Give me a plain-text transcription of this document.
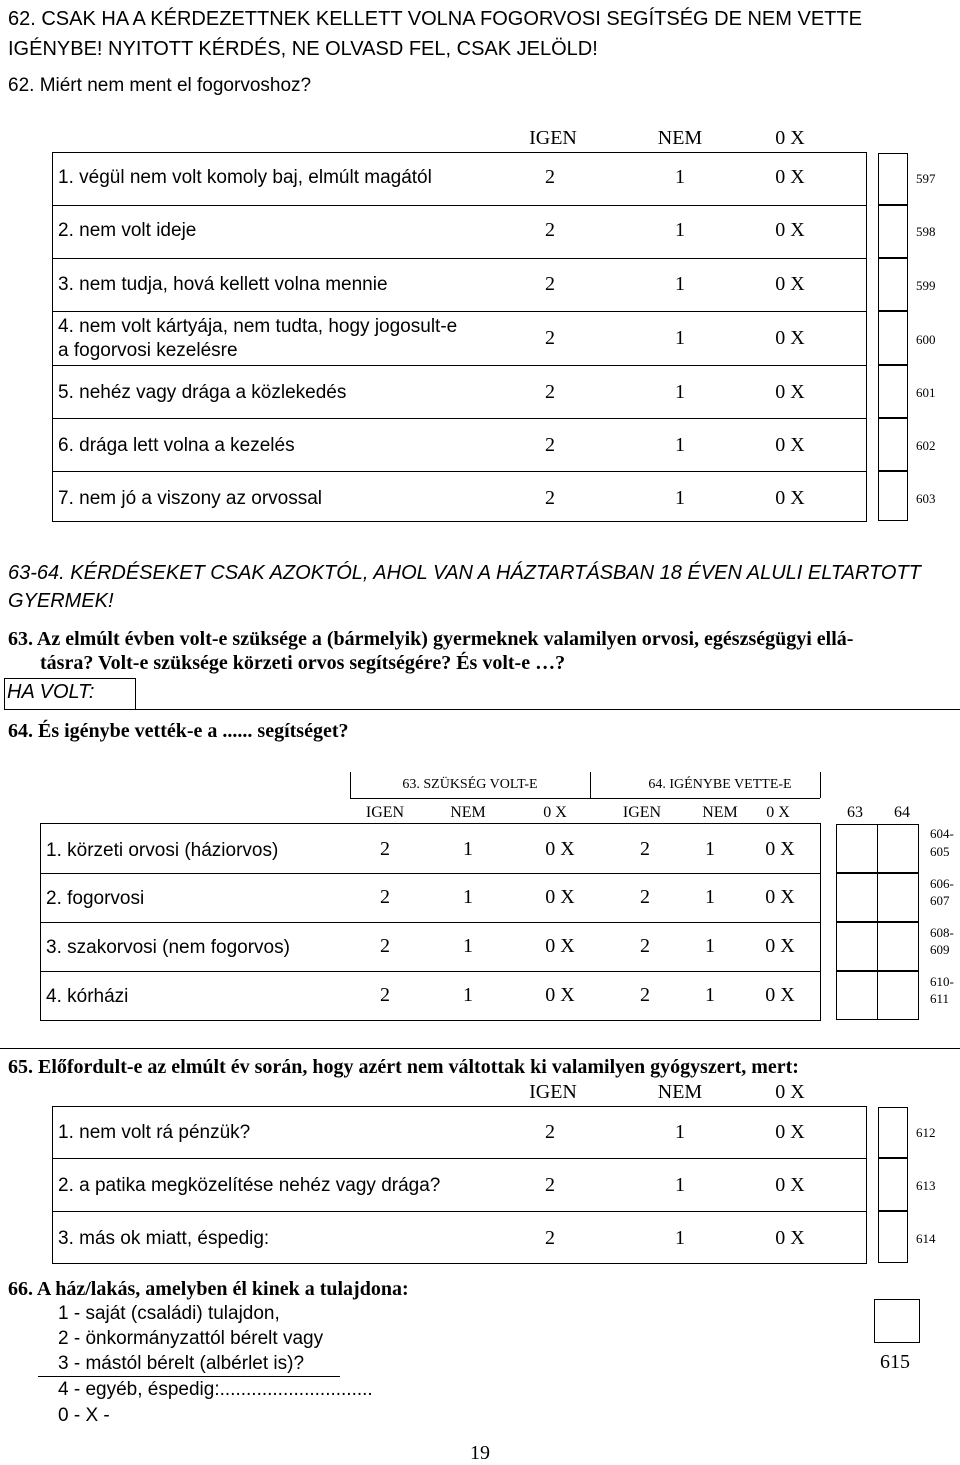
62. CSAK HA A KÉRDEZETTNEK KELLETT VOLNA FOGORVOSI SEGÍTSÉG DE NEM VETTE
IGÉNYBE! NYITOTT KÉRDÉS, NE OLVASD FEL, CSAK JELÖLD!
62. Miért nem ment el fogorvoshoz?
IGEN	NEM	0 X
1. végül nem volt komoly baj, elmúlt magától	2	1	0 X	597
2. nem volt ideje	2	1	0 X	598
3. nem tudja, hová kellett volna mennie	2	1	0 X	599
4. nem volt kártyája, nem tudta, hogy jogosult-e
a fogorvosi kezelésre
2	1	0 X	600
5. nehéz vagy drága a közlekedés	2	1	0 X	601
6. drága lett volna a kezelés	2	1	0 X	602
7. nem jó a viszony az orvossal	2	1	0 X	603
63-64. KÉRDÉSEKET CSAK AZOKTÓL, AHOL VAN A HÁZTARTÁSBAN 18 ÉVEN ALULI ELTARTOTT
GYERMEK!
63. Az elmúlt évben volt-e szüksége a (bármelyik) gyermeknek valamilyen orvosi, egészségügyi ellá-
tásra? Volt-e szüksége körzeti orvos segítségére? És volt-e …?
HA VOLT:
64. És igénybe vették-e a ...... segítséget?
63. SZÜKSÉG VOLT-E	64. IGÉNYBE VETTE-E
IGEN	NEM	0 X	IGEN	NEM	0 X	63	64
1. körzeti orvosi (háziorvos)	2	1	0 X	2	1	0 X
604-
605
2. fogorvosi	2	1	0 X	2	1	0 X
606-
607
3. szakorvosi (nem fogorvos)	2	1	0 X	2	1	0 X
608-
609
4. kórházi	2	1	0 X	2	1	0 X
610-
611
65. Előfordult-e az elmúlt év során, hogy azért nem váltottak ki valamilyen gyógyszert, mert:
IGEN	NEM	0 X
1. nem volt rá pénzük?	2	1	0 X	612
2. a patika megközelítése nehéz vagy drága?	2	1	0 X	613
3. más ok miatt, éspedig:	2	1	0 X	614
66. A ház/lakás, amelyben él kinek a tulajdona:
1 - saját (családi) tulajdon,
2 - önkormányzattól bérelt vagy
3 - mástól bérelt (albérlet is)?
4 - egyéb, éspedig:.............................
0 - X -
615
19
